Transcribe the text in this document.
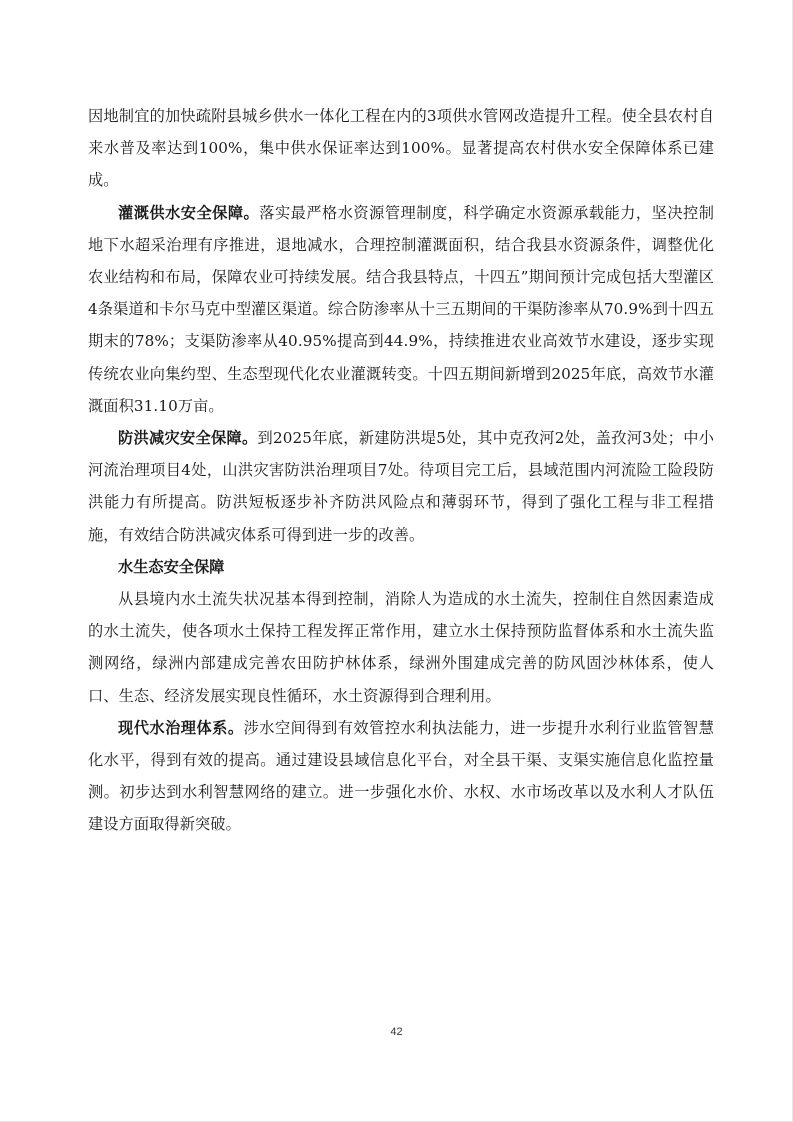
因地制宜的加快疏附县城乡供水一体化工程在内的3项供水管网改造提升工程。使全县农村自来水普及率达到100%，集中供水保证率达到100%。显著提高农村供水安全保障体系已建成。

灌溉供水安全保障。落实最严格水资源管理制度，科学确定水资源承载能力，坚决控制地下水超采治理有序推进，退地减水，合理控制灌溉面积，结合我县水资源条件，调整优化农业结构和布局，保障农业可持续发展。结合我县特点，十四五”期间预计完成包括大型灌区4条渠道和卡尔马克中型灌区渠道。综合防渗率从十三五期间的干渠防渗率从70.9%到十四五期末的78%；支渠防渗率从40.95%提高到44.9%，持续推进农业高效节水建设，逐步实现传统农业向集约型、生态型现代化农业灌溉转变。十四五期间新增到2025年底，高效节水灌溉面积31.10万亩。

防洪减灾安全保障。到2025年底，新建防洪堤5处，其中克孜河2处，盖孜河3处；中小河流治理项目4处，山洪灾害防洪治理项目7处。待项目完工后，县域范围内河流险工险段防洪能力有所提高。防洪短板逐步补齐防洪风险点和薄弱环节，得到了强化工程与非工程措施，有效结合防洪减灾体系可得到进一步的改善。

水生态安全保障

从县境内水土流失状况基本得到控制，消除人为造成的水土流失，控制住自然因素造成的水土流失，使各项水土保持工程发挥正常作用，建立水土保持预防监督体系和水土流失监测网络，绿洲内部建成完善农田防护林体系，绿洲外围建成完善的防风固沙林体系，使人口、生态、经济发展实现良性循环，水土资源得到合理利用。

现代水治理体系。涉水空间得到有效管控水利执法能力，进一步提升水利行业监管智慧化水平，得到有效的提高。通过建设县域信息化平台，对全县干渠、支渠实施信息化监控量测。初步达到水利智慧网络的建立。进一步强化水价、水权、水市场改革以及水利人才队伍建设方面取得新突破。

42
